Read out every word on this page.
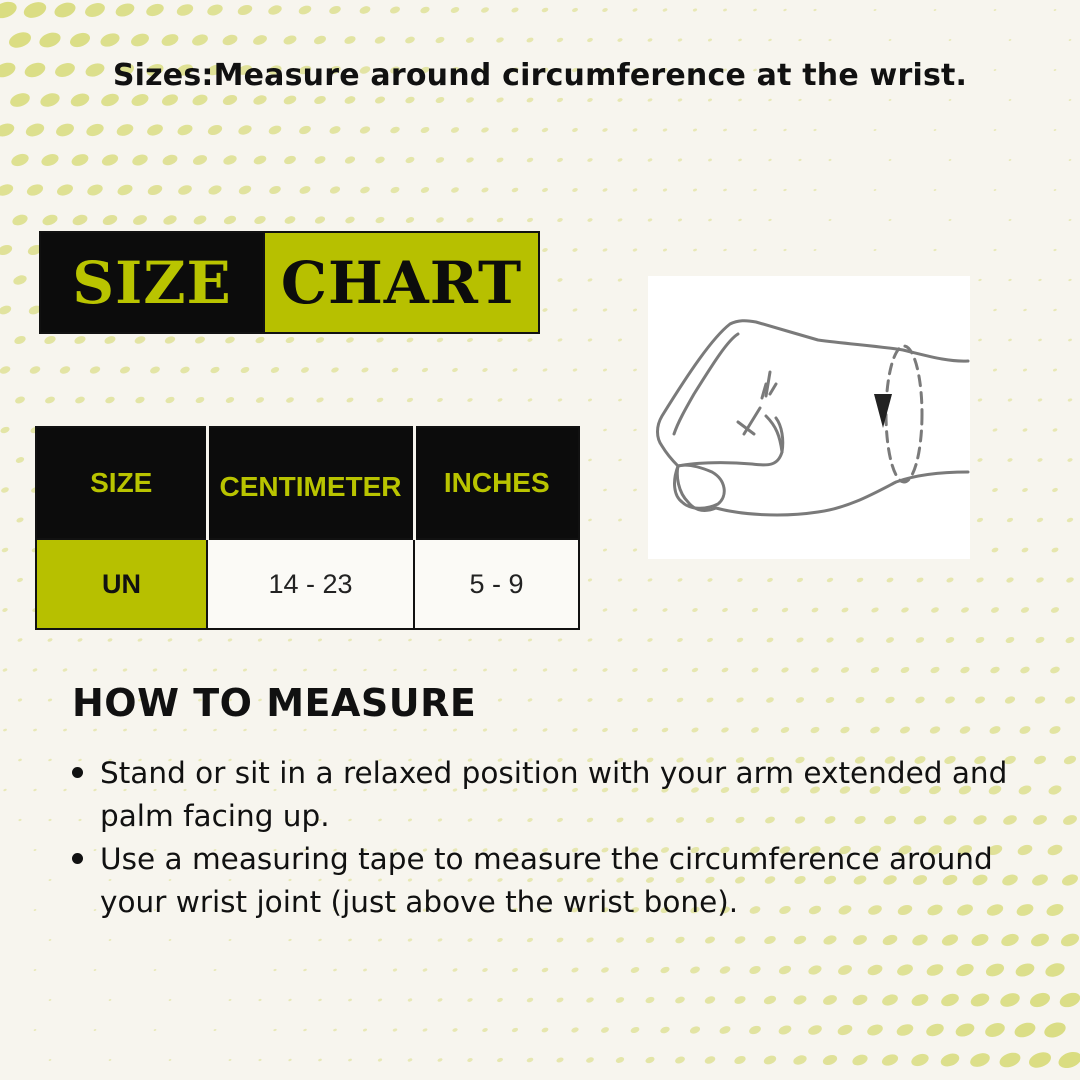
Sizes:Measure around circumference at the wrist.
SIZE CHART
SIZE	CENTIMETER	INCHES
UN	14 - 23	5 - 9
HOW TO MEASURE
Stand or sit in a relaxed position with your arm extended and palm facing up.
Use a measuring tape to measure the circumference around your wrist joint (just above the wrist bone).
